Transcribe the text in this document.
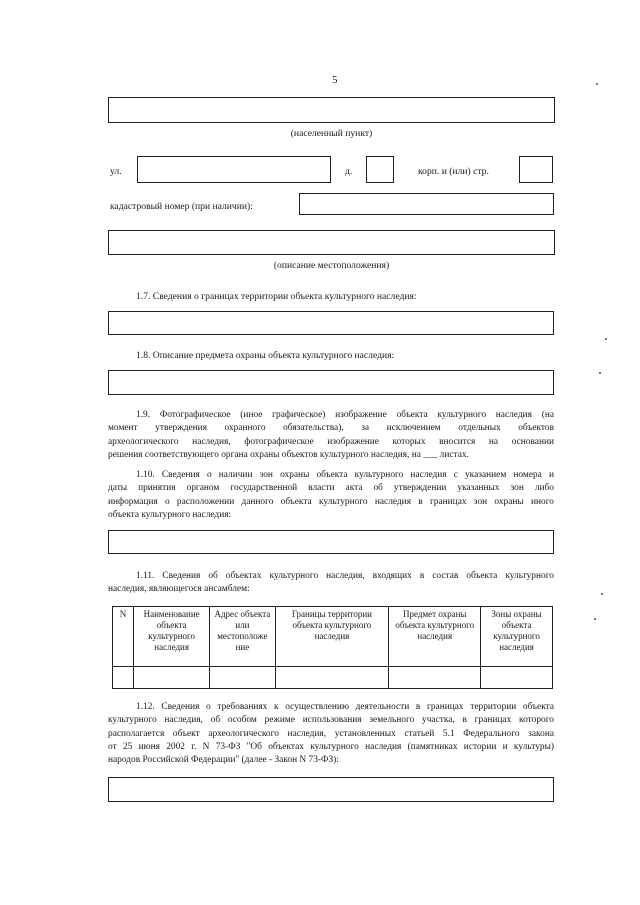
5
(населенный пункт)
ул.	д.	корп. и (или) стр.
кадастровый номер (при наличии):
(описание местоположения)
1.7. Сведения о границах территории объекта культурного наследия:
1.8. Описание предмета охраны объекта культурного наследия:
1.9. Фотографическое (иное графическое) изображение объекта культурного наследия (на
момент утверждения охранного обязательства), за исключением отдельных объектов
археологического наследия, фотографическое изображение которых вносится на основании
решения соответствующего органа охраны объектов культурного наследия, на ___ листах.
1.10. Сведения о наличии зон охраны объекта культурного наследия с указанием номера и
даты принятия органом государственной власти акта об утверждении указанных зон либо
информация о расположении данного объекта культурного наследия в границах зон охраны иного
объекта культурного наследия:
1.11. Сведения об объектах культурного наследия, входящих в состав объекта культурного
наследия, являющегося ансамблем:
N	Наименование объекта культурного наследия	Адрес объекта или местоположе ние	Границы территории объекта культурного наследия	Предмет охраны объекта культурного наследия	Зоны охраны объекта культурного наследия

1.12. Сведения о требованиях к осуществлению деятельности в границах территории объекта
культурного наследия, об особом режиме использования земельного участка, в границах которого
располагается объект археологического наследия, установленных статьей 5.1 Федерального закона
от 25 июня 2002 г. N 73-ФЗ "Об объектах культурного наследия (памятниках истории и культуры)
народов Российской Федерации" (далее - Закон N 73-ФЗ):
